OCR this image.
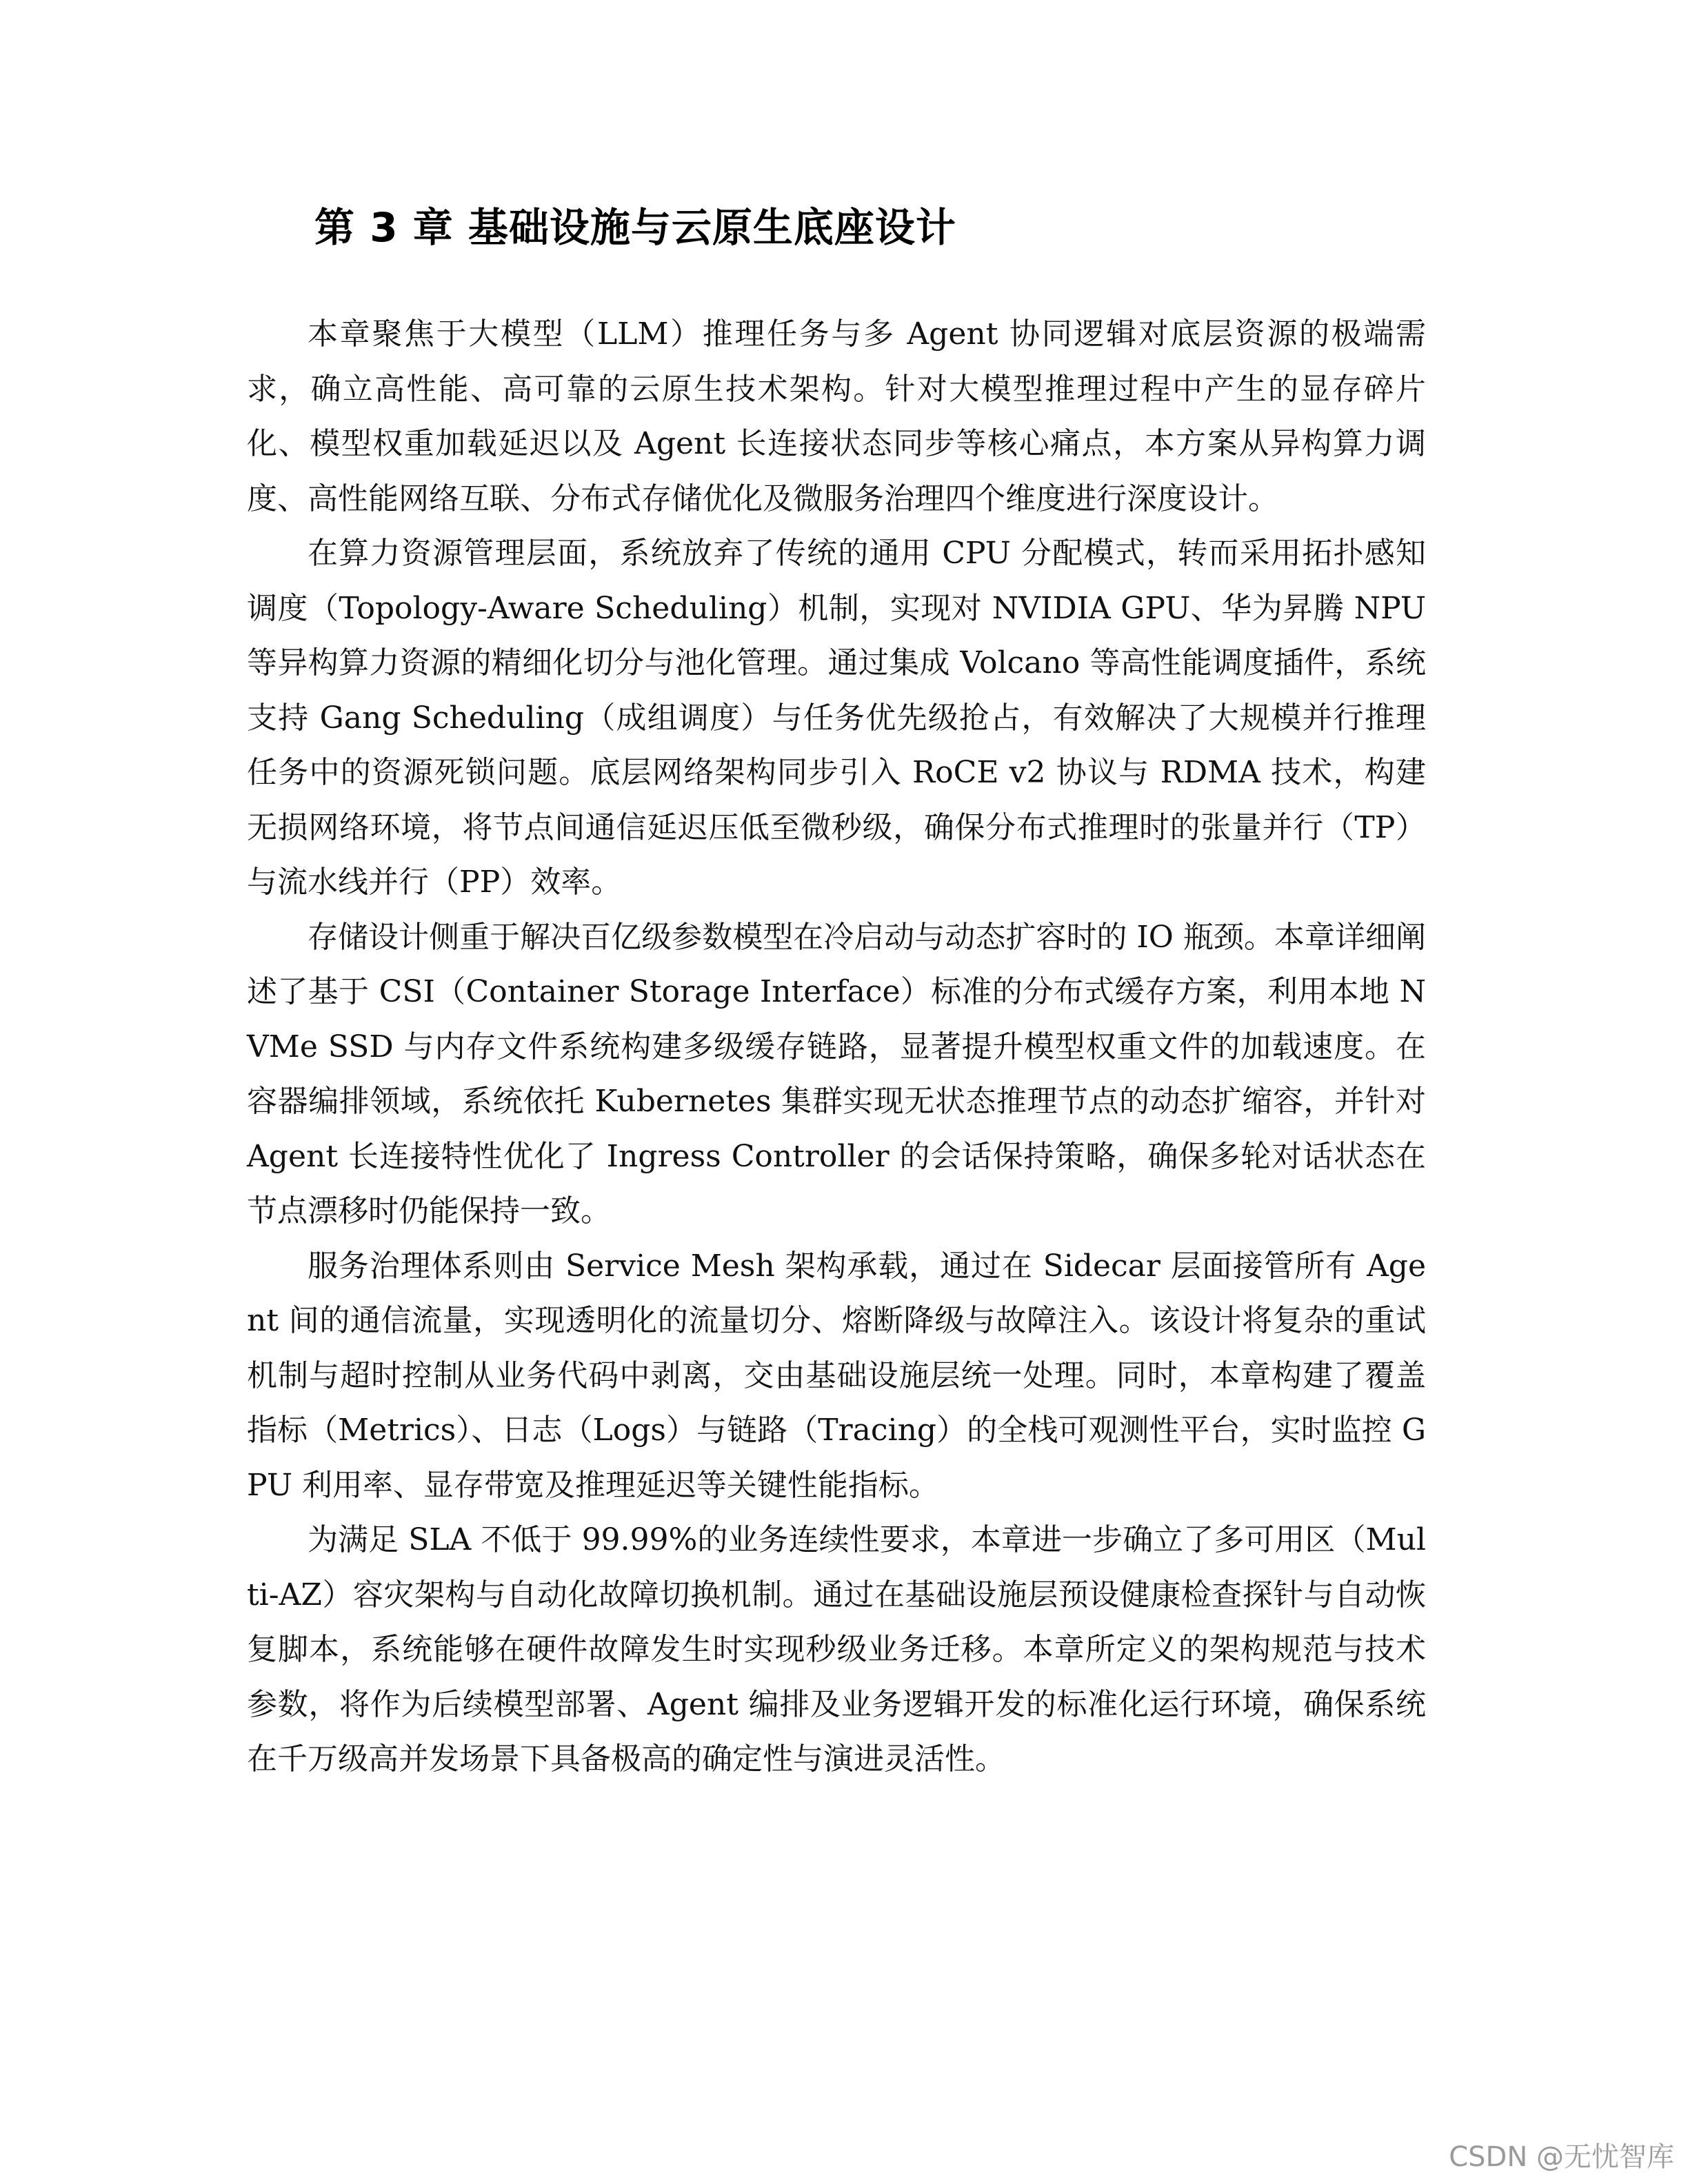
第 3 章 基础设施与云原生底座设计

本章聚焦于大模型（LLM）推理任务与多 Agent 协同逻辑对底层资源的极端需求，确立高性能、高可靠的云原生技术架构。针对大模型推理过程中产生的显存碎片化、模型权重加载延迟以及 Agent 长连接状态同步等核心痛点，本方案从异构算力调度、高性能网络互联、分布式存储优化及微服务治理四个维度进行深度设计。

在算力资源管理层面，系统放弃了传统的通用 CPU 分配模式，转而采用拓扑感知调度（Topology-Aware Scheduling）机制，实现对 NVIDIA GPU、华为昇腾 NPU 等异构算力资源的精细化切分与池化管理。通过集成 Volcano 等高性能调度插件，系统支持 Gang Scheduling（成组调度）与任务优先级抢占，有效解决了大规模并行推理任务中的资源死锁问题。底层网络架构同步引入 RoCE v2 协议与 RDMA 技术，构建无损网络环境，将节点间通信延迟压低至微秒级，确保分布式推理时的张量并行（TP）与流水线并行（PP）效率。

存储设计侧重于解决百亿级参数模型在冷启动与动态扩容时的 IO 瓶颈。本章详细阐述了基于 CSI（Container Storage Interface）标准的分布式缓存方案，利用本地 NVMe SSD 与内存文件系统构建多级缓存链路，显著提升模型权重文件的加载速度。在容器编排领域，系统依托 Kubernetes 集群实现无状态推理节点的动态扩缩容，并针对 Agent 长连接特性优化了 Ingress Controller 的会话保持策略，确保多轮对话状态在节点漂移时仍能保持一致。

服务治理体系则由 Service Mesh 架构承载，通过在 Sidecar 层面接管所有 Agent 间的通信流量，实现透明化的流量切分、熔断降级与故障注入。该设计将复杂的重试机制与超时控制从业务代码中剥离，交由基础设施层统一处理。同时，本章构建了覆盖指标（Metrics）、日志（Logs）与链路（Tracing）的全栈可观测性平台，实时监控 GPU 利用率、显存带宽及推理延迟等关键性能指标。

为满足 SLA 不低于 99.99%的业务连续性要求，本章进一步确立了多可用区（Multi-AZ）容灾架构与自动化故障切换机制。通过在基础设施层预设健康检查探针与自动恢复脚本，系统能够在硬件故障发生时实现秒级业务迁移。本章所定义的架构规范与技术参数，将作为后续模型部署、Agent 编排及业务逻辑开发的标准化运行环境，确保系统在千万级高并发场景下具备极高的确定性与演进灵活性。

CSDN @无忧智库
